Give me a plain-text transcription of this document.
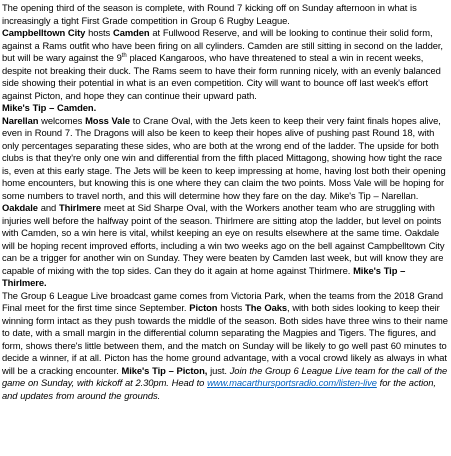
The opening third of the season is complete, with Round 7 kicking off on Sunday afternoon in what is increasingly a tight First Grade competition in Group 6 Rugby League.

Campbelltown City hosts Camden at Fullwood Reserve, and will be looking to continue their solid form, against a Rams outfit who have been firing on all cylinders. Camden are still sitting in second on the ladder, but will be wary against the 9th placed Kangaroos, who have threatened to steal a win in recent weeks, despite not breaking their duck. The Rams seem to have their form running nicely, with an evenly balanced side showing their potential in what is an even competition. City will want to bounce off last week's effort against Picton, and hope they can continue their upward path.
Mike's Tip – Camden.

Narellan welcomes Moss Vale to Crane Oval, with the Jets keen to keep their very faint finals hopes alive, even in Round 7. The Dragons will also be keen to keep their hopes alive of pushing past Round 18, with only percentages separating these sides, who are both at the wrong end of the ladder. The upside for both clubs is that they're only one win and differential from the fifth placed Mittagong, showing how tight the race is, even at this early stage. The Jets will be keen to keep impressing at home, having lost both their opening home encounters, but knowing this is one where they can claim the two points. Moss Vale will be hoping for some numbers to travel north, and this will determine how they fare on the day. Mike's Tip – Narellan.

Oakdale and Thirlmere meet at Sid Sharpe Oval, with the Workers another team who are struggling with injuries well before the halfway point of the season. Thirlmere are sitting atop the ladder, but level on points with Camden, so a win here is vital, whilst keeping an eye on results elsewhere at the same time. Oakdale will be hoping recent improved efforts, including a win two weeks ago on the bell against Campbelltown City can be a trigger for another win on Sunday. They were beaten by Camden last week, but will know they are capable of mixing with the top sides. Can they do it again at home against Thirlmere. Mike's Tip – Thirlmere.

The Group 6 League Live broadcast game comes from Victoria Park, when the teams from the 2018 Grand Final meet for the first time since September. Picton hosts The Oaks, with both sides looking to keep their winning form intact as they push towards the middle of the season. Both sides have three wins to their name to date, with a small margin in the differential column separating the Magpies and Tigers. The figures, and form, shows there's little between them, and the match on Sunday will be likely to go well past 60 minutes to decide a winner, if at all. Picton has the home ground advantage, with a vocal crowd likely as always in what will be a cracking encounter. Mike's Tip – Picton, just. Join the Group 6 League Live team for the call of the game on Sunday, with kickoff at 2.30pm. Head to www.macarthursportsradio.com/listen-live for the action, and updates from around the grounds.
